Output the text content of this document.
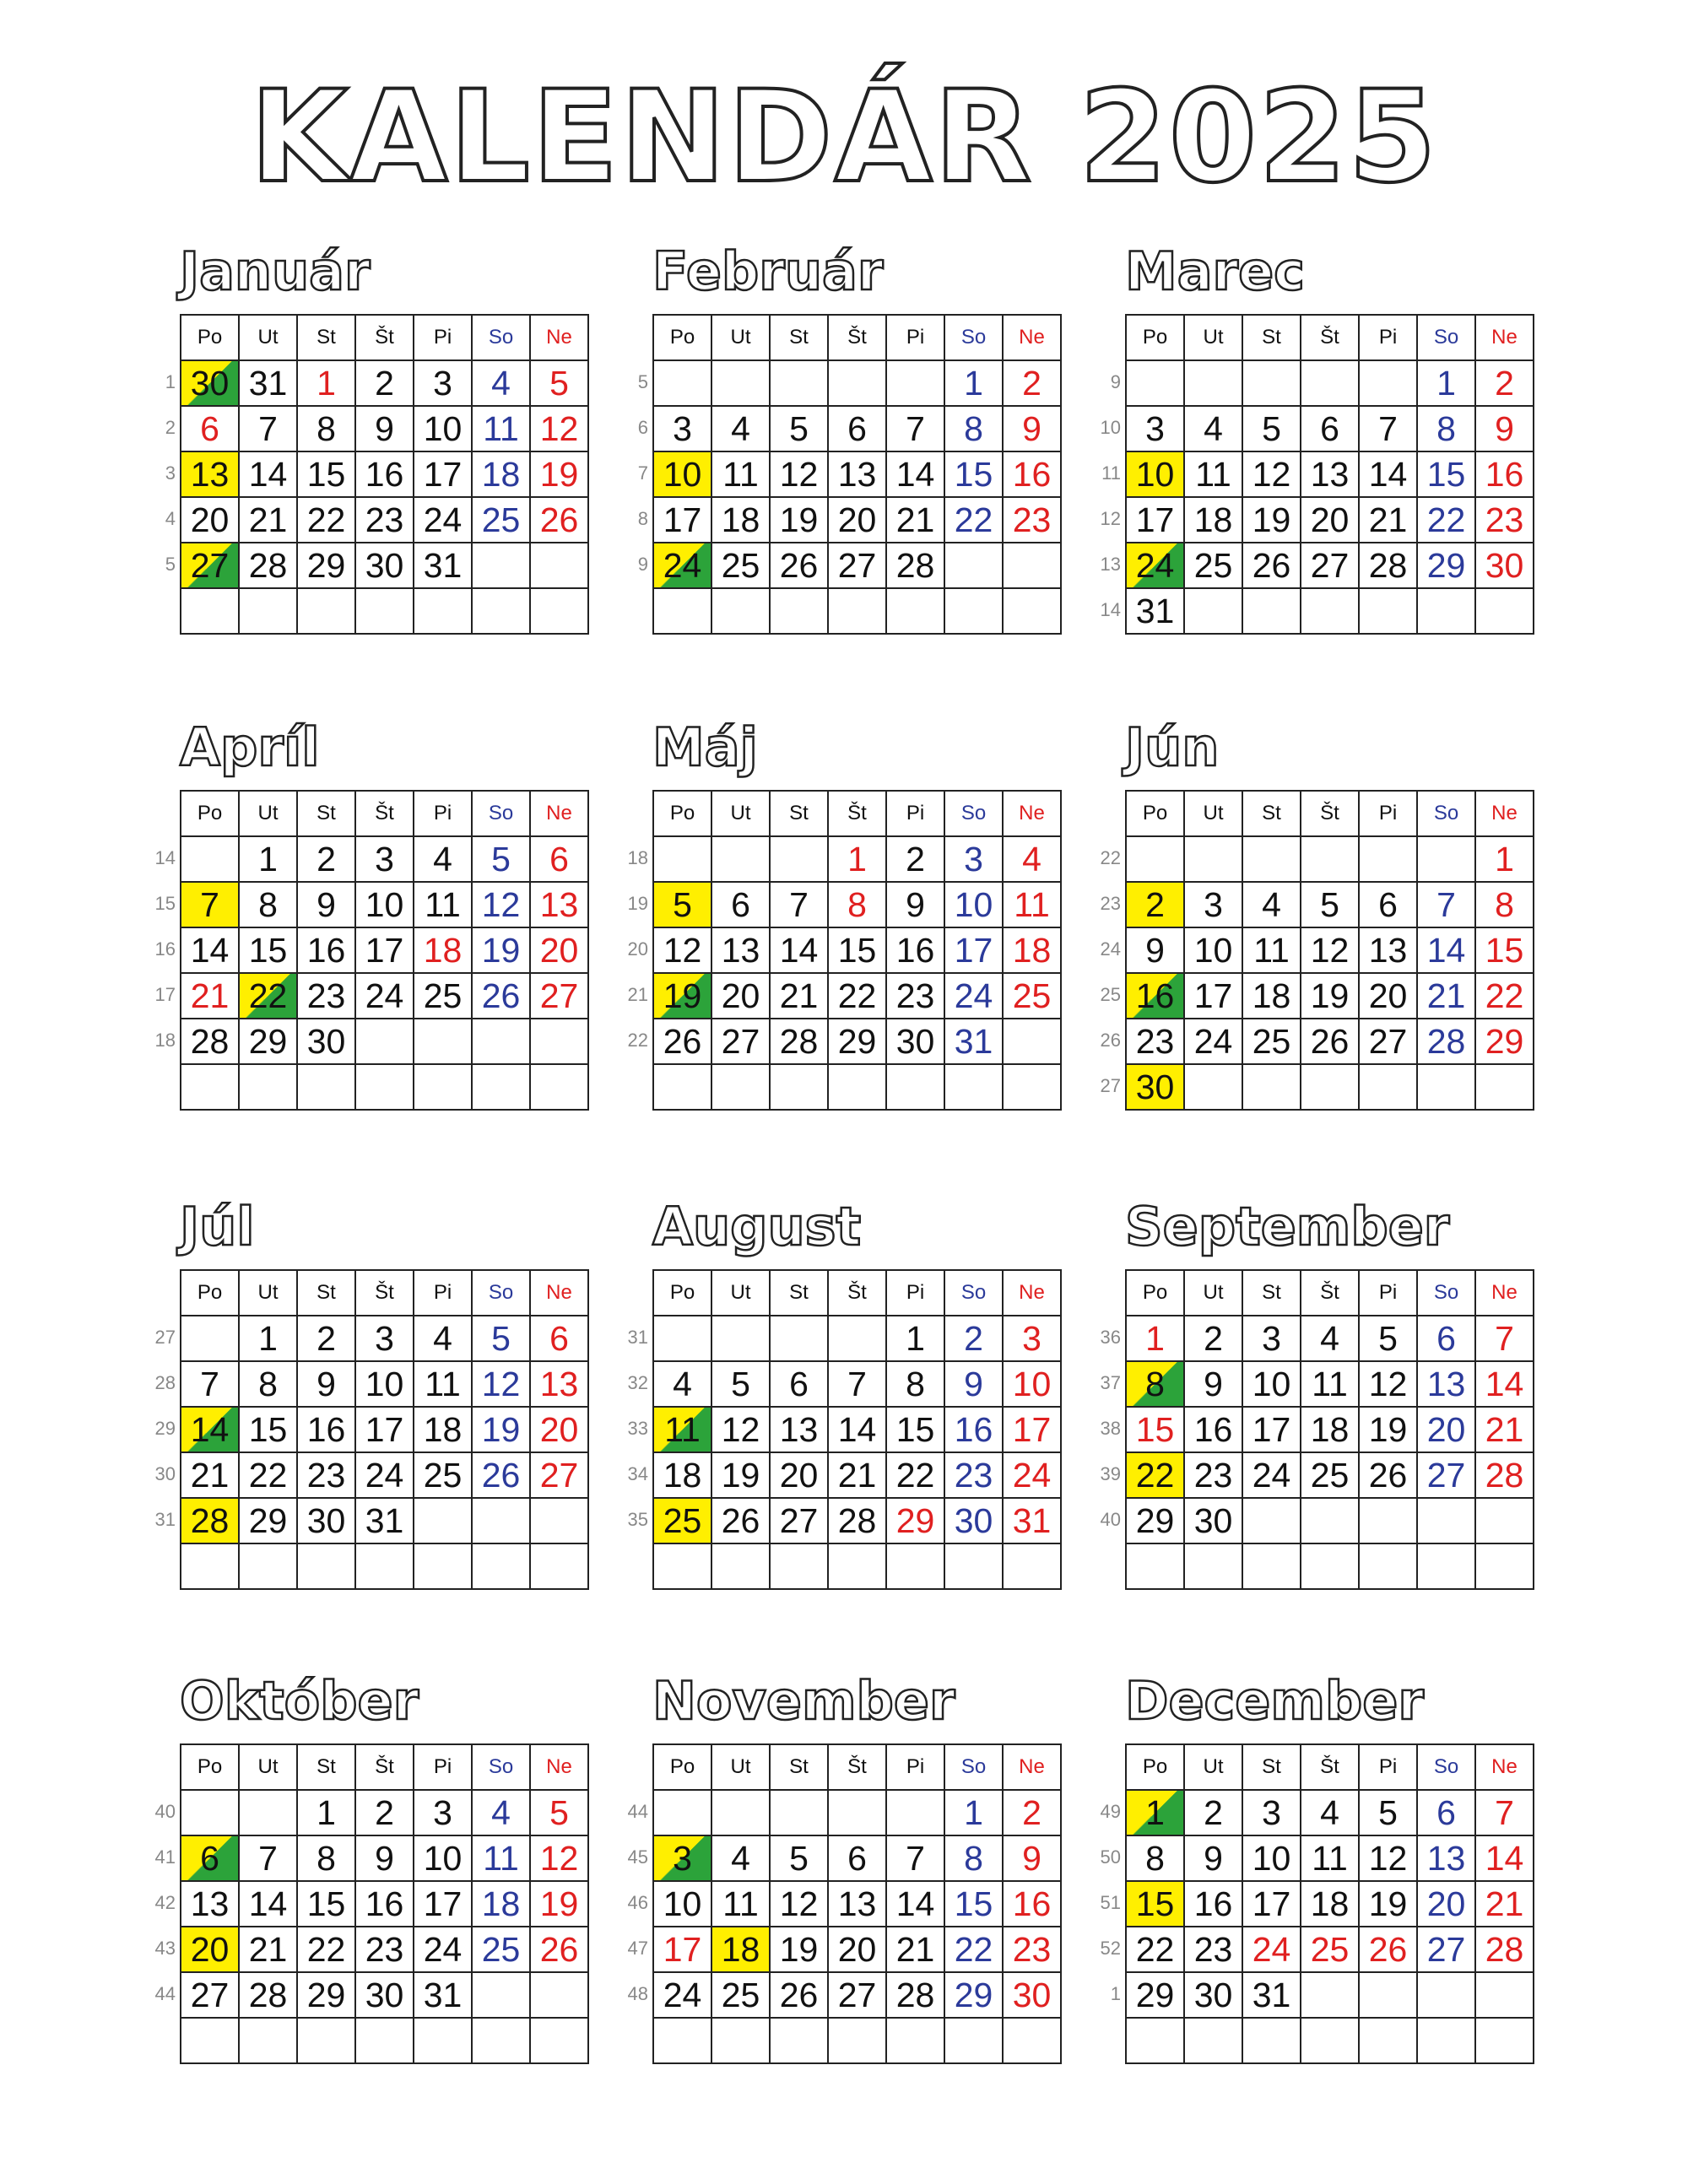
KALENDÁR 2025
Január
1
2
3
4
5
Po	Ut	St	Št	Pi	So	Ne
30	31	1	2	3	4	5
6	7	8	9	10	11	12
13	14	15	16	17	18	19
20	21	22	23	24	25	26
27	28	29	30	31		

Február
5
6
7
8
9
Po	Ut	St	Št	Pi	So	Ne
					1	2
3	4	5	6	7	8	9
10	11	12	13	14	15	16
17	18	19	20	21	22	23
24	25	26	27	28		

Marec
9
10
11
12
13
14
Po	Ut	St	Št	Pi	So	Ne
					1	2
3	4	5	6	7	8	9
10	11	12	13	14	15	16
17	18	19	20	21	22	23
24	25	26	27	28	29	30
31						
Apríl
14
15
16
17
18
Po	Ut	St	Št	Pi	So	Ne
	1	2	3	4	5	6
7	8	9	10	11	12	13
14	15	16	17	18	19	20
21	22	23	24	25	26	27
28	29	30				

Máj
18
19
20
21
22
Po	Ut	St	Št	Pi	So	Ne
			1	2	3	4
5	6	7	8	9	10	11
12	13	14	15	16	17	18
19	20	21	22	23	24	25
26	27	28	29	30	31	

Jún
22
23
24
25
26
27
Po	Ut	St	Št	Pi	So	Ne
						1
2	3	4	5	6	7	8
9	10	11	12	13	14	15
16	17	18	19	20	21	22
23	24	25	26	27	28	29
30						
Júl
27
28
29
30
31
Po	Ut	St	Št	Pi	So	Ne
	1	2	3	4	5	6
7	8	9	10	11	12	13
14	15	16	17	18	19	20
21	22	23	24	25	26	27
28	29	30	31			

August
31
32
33
34
35
Po	Ut	St	Št	Pi	So	Ne
				1	2	3
4	5	6	7	8	9	10
11	12	13	14	15	16	17
18	19	20	21	22	23	24
25	26	27	28	29	30	31

September
36
37
38
39
40
Po	Ut	St	Št	Pi	So	Ne
1	2	3	4	5	6	7
8	9	10	11	12	13	14
15	16	17	18	19	20	21
22	23	24	25	26	27	28
29	30					

Október
40
41
42
43
44
Po	Ut	St	Št	Pi	So	Ne
		1	2	3	4	5
6	7	8	9	10	11	12
13	14	15	16	17	18	19
20	21	22	23	24	25	26
27	28	29	30	31		

November
44
45
46
47
48
Po	Ut	St	Št	Pi	So	Ne
					1	2
3	4	5	6	7	8	9
10	11	12	13	14	15	16
17	18	19	20	21	22	23
24	25	26	27	28	29	30

December
49
50
51
52
1
Po	Ut	St	Št	Pi	So	Ne
1	2	3	4	5	6	7
8	9	10	11	12	13	14
15	16	17	18	19	20	21
22	23	24	25	26	27	28
29	30	31				
